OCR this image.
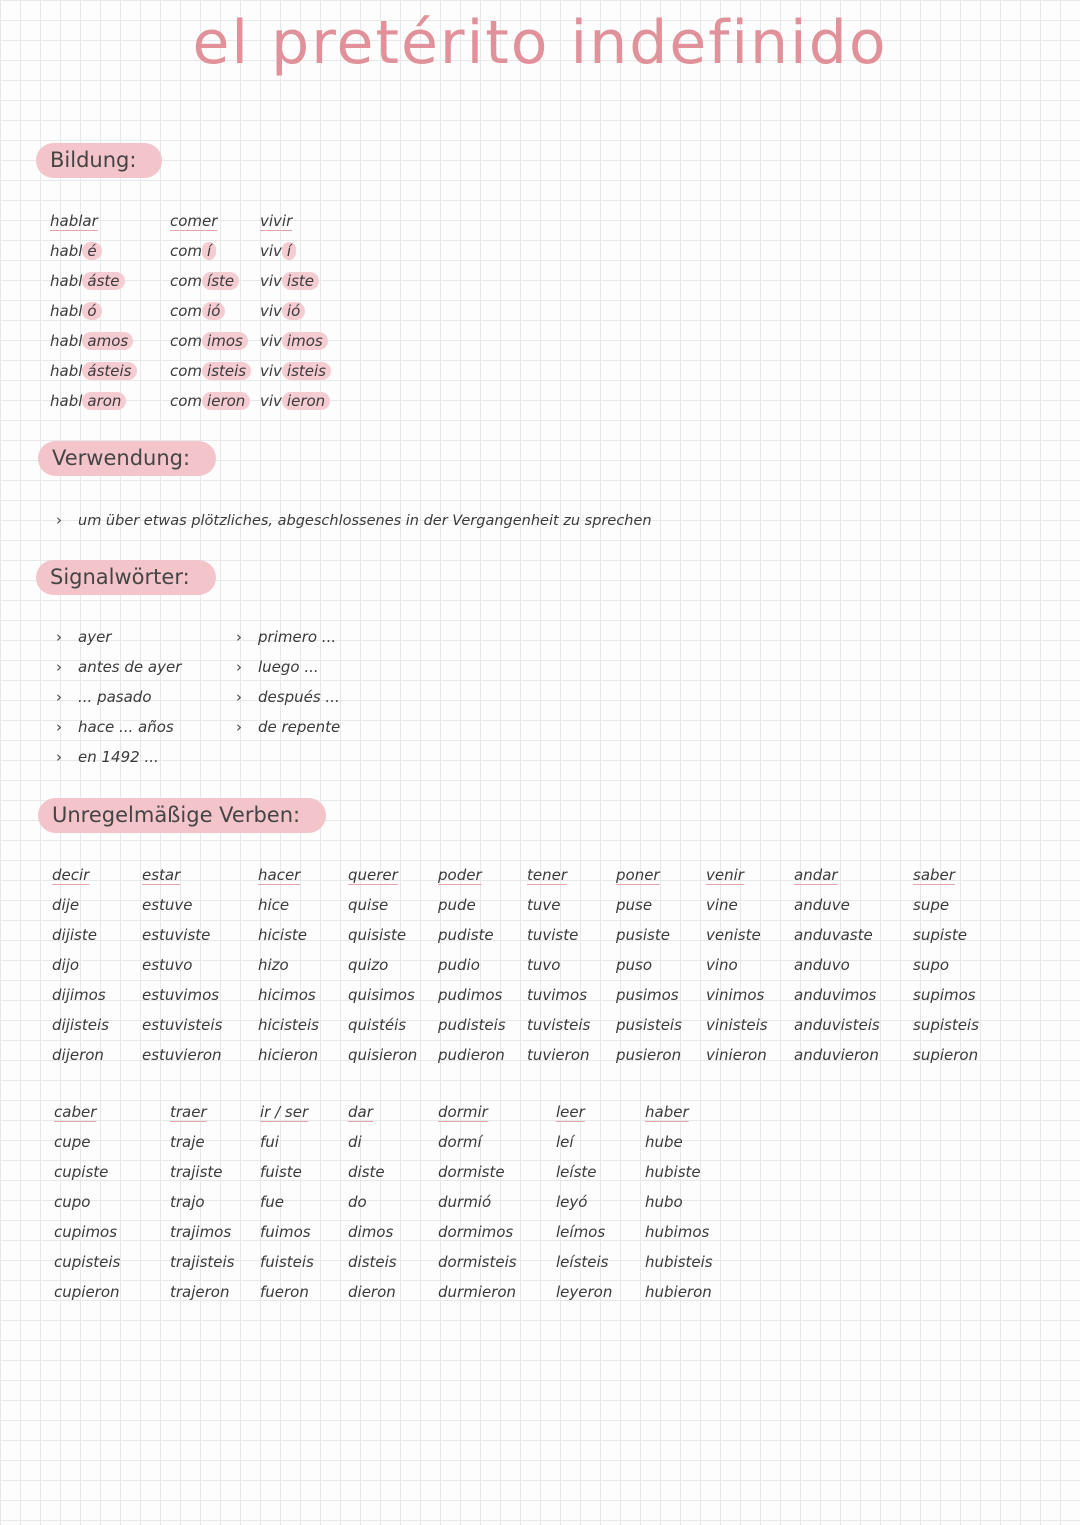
el pretérito indefinido
Bildung:
hablar
habl é
habl áste
habl ó
habl amos
habl ásteis
habl aron
comer
com í
com íste
com ió
com imos
com isteis
com ieron
vivir
viv í
viv iste
viv ió
viv imos
viv isteis
viv ieron
Verwendung:
› um über etwas plötzliches, abgeschlossenes in der Vergangenheit zu sprechen
Signalwörter:
› ayer
› antes de ayer
› ... pasado
› hace ... años
› en 1492 ...
› primero ...
› luego ...
› después ...
› de repente
Unregelmäßige Verben:
decir
dije
dijiste
dijo
dijimos
dijisteis
dijeron
estar
estuve
estuviste
estuvo
estuvimos
estuvisteis
estuvieron
hacer
hice
hiciste
hizo
hicimos
hicisteis
hicieron
querer
quise
quisiste
quizo
quisimos
quistéis
quisieron
poder
pude
pudiste
pudio
pudimos
pudisteis
pudieron
tener
tuve
tuviste
tuvo
tuvimos
tuvisteis
tuvieron
poner
puse
pusiste
puso
pusimos
pusisteis
pusieron
venir
vine
veniste
vino
vinimos
vinisteis
vinieron
andar
anduve
anduvaste
anduvo
anduvimos
anduvisteis
anduvieron
saber
supe
supiste
supo
supimos
supisteis
supieron
caber
cupe
cupiste
cupo
cupimos
cupisteis
cupieron
traer
traje
trajiste
trajo
trajimos
trajisteis
trajeron
ir / ser
fui
fuiste
fue
fuimos
fuisteis
fueron
dar
di
diste
do
dimos
disteis
dieron
dormir
dormí
dormiste
durmió
dormimos
dormisteis
durmieron
leer
leí
leíste
leyó
leímos
leísteis
leyeron
haber
hube
hubiste
hubo
hubimos
hubisteis
hubieron
